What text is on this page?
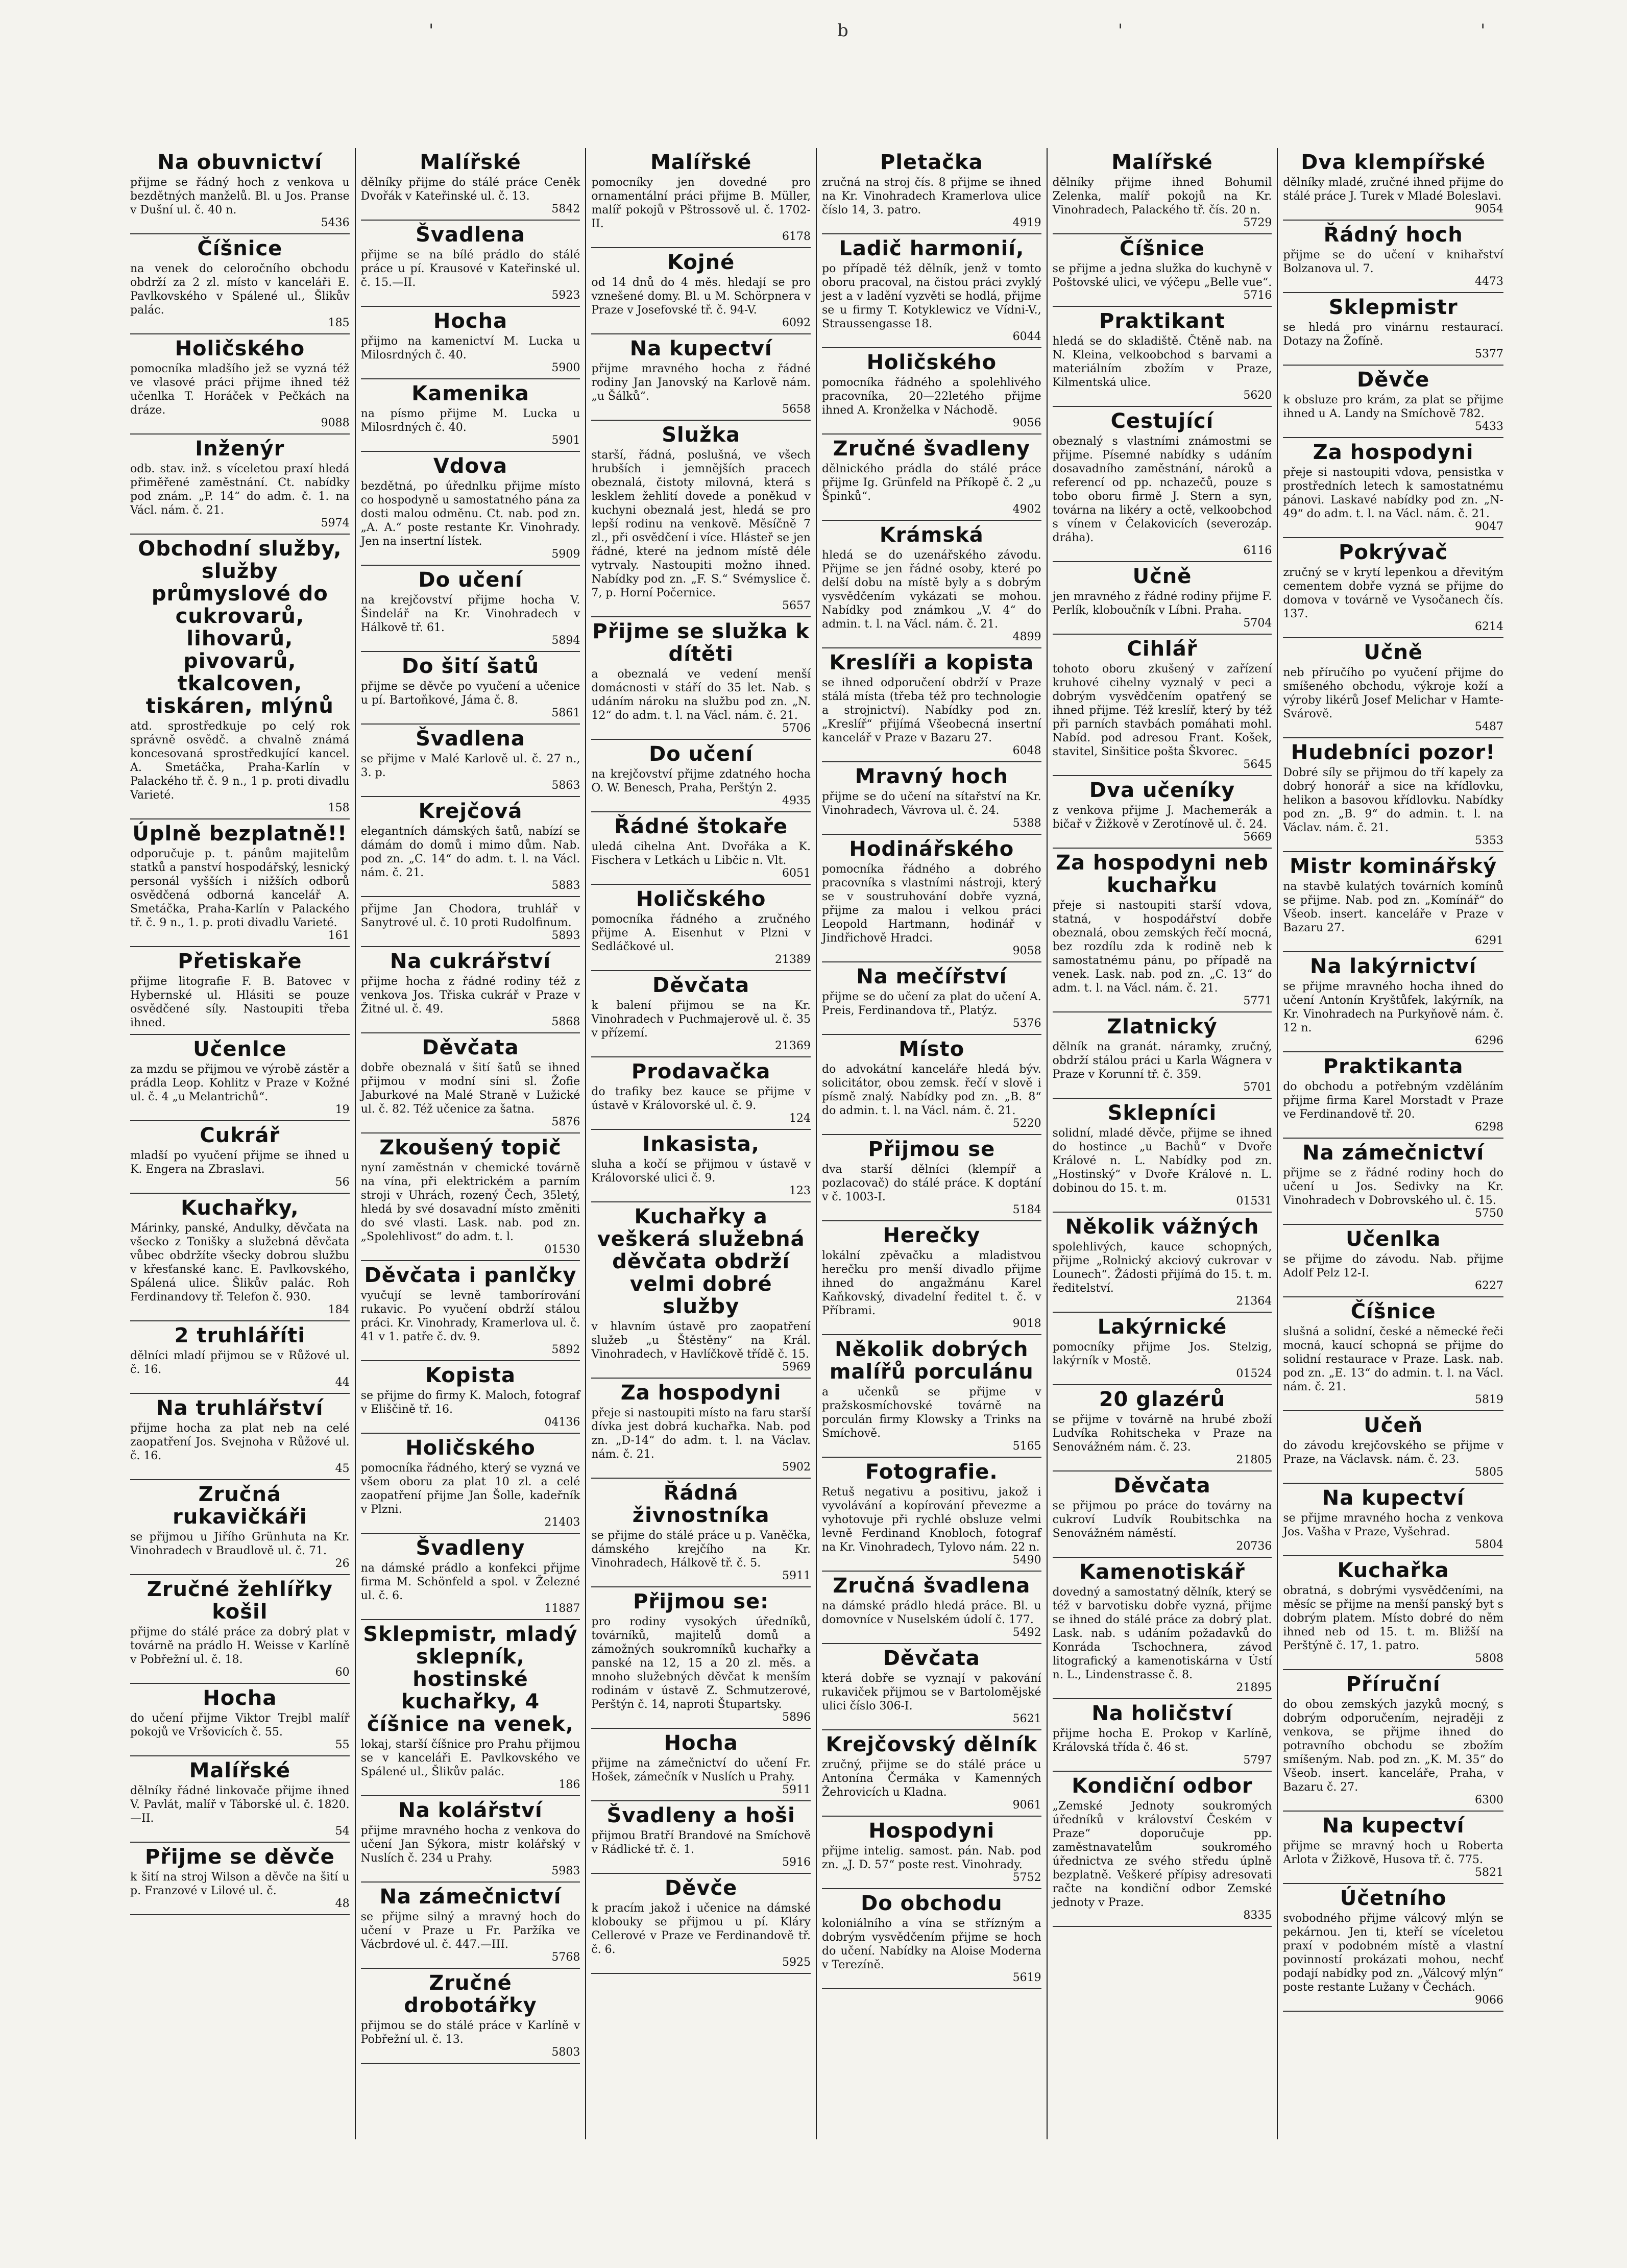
'	b	'	'
Na obuvnictví

přijme se řádný hoch z venkova u bezdětných manželů. Bl. u Jos. Pranse v Dušní ul. č. 40 n.

5436
Číšnice

na venek do celoročního obchodu obdrží za 2 zl. místo v kanceláři E. Pavlkovského v Spálené ul., Šlikův palác.

185
Holičského

pomocníka mladšího jež se vyzná též ve vlasové práci přijme ihned též učenlka T. Horáček v Pečkách na dráze.

9088
Inženýr

odb. stav. inž. s víceletou praxí hledá přiměřené zaměstnání. Ct. nabídky pod znám. „P. 14“ do adm. č. 1. na Václ. nám. č. 21.

5974
Obchodní služby, služby průmyslové do cukrovarů, lihovarů, pivovarů, tkalcoven, tiskáren, mlýnů

atd. sprostředkuje po celý rok správně osvědč. a chvalně známá koncesovaná sprostředkující kancel. A. Smetáčka, Praha-Karlín v Palackého tř. č. 9 n., 1 p. proti divadlu Varieté.

158
Úplně bezplatně!!

odporučuje p. t. pánům majitelům statků a panství hospodářský, lesnický personál vyšších i nižších odborů osvědčená odborná kancelář A. Smetáčka, Praha-Karlín v Palackého tř. č. 9 n., 1. p. proti divadlu Varieté.

161
Přetiskaře

přijme litografie F. B. Batovec v Hybernské ul. Hlásiti se pouze osvědčené síly. Nastoupiti třeba ihned.

Učenlce

za mzdu se přijmou ve výrobě zástěr a prádla Leop. Kohlitz v Praze v Kožné ul. č. 4 „u Melantrichů“.

19
Cukrář

mladší po vyučení přijme se ihned u K. Engera na Zbraslavi.

56
Kuchařky,

Márinky, panské, Andulky, děvčata na všecko z Tonišky a služebná děvčata vůbec obdržíte všecky dobrou službu v křesťanské kanc. E. Pavlkovského, Spálená ulice. Šlikův palác. Roh Ferdinandovy tř. Telefon č. 930.

184
2 truhláříti

dělníci mladí přijmou se v Růžové ul. č. 16.

44
Na truhlářství

přijme hocha za plat neb na celé zaopatření Jos. Svejnoha v Růžové ul. č. 16.

45
Zručná rukavičkáři

se přijmou u Jiřího Grünhuta na Kr. Vinohradech v Braudlově ul. č. 71.

26
Zručné žehlířky košil

přijme do stálé práce za dobrý plat v továrně na prádlo H. Weisse v Karlíně v Pobřežní ul. č. 18.

60
Hocha

do učení přijme Viktor Trejbl malíř pokojů ve Vršovicích č. 55.

55
Malířské

dělníky řádné linkovače přijme ihned V. Pavlát, malíř v Táborské ul. č. 1820.—II.

54
Přijme se děvče

k šití na stroj Wilson a děvče na šití u p. Franzové v Lilové ul. č.

48
Malířské

dělníky přijme do stálé práce Ceněk Dvořák v Kateřinské ul. č. 13.

5842
Švadlena

přijme se na bílé prádlo do stálé práce u pí. Krausové v Kateřinské ul. č. 15.—II.

5923
Hocha

přijmo na kamenictví M. Lucka u Milosrdných č. 40.

5900
Kamenika

na písmo přijme M. Lucka u Milosrdných č. 40.

5901
Vdova

bezdětná, po úřednlku přijme místo co hospodyně u samostatného pána za dosti malou odměnu. Ct. nab. pod zn. „A. A.“ poste restante Kr. Vinohrady. Jen na insertní lístek.

5909
Do učení

na krejčovství přijme hocha V. Šindelář na Kr. Vinohradech v Hálkově tř. 61.

5894
Do šití šatů

přijme se děvče po vyučení a učenice u pí. Bartoňkové, Jáma č. 8.

5861
Švadlena

se přijme v Malé Karlově ul. č. 27 n., 3. p.

5863
Krejčová

elegantních dámských šatů, nabízí se dámám do domů i mimo dům. Nab. pod zn. „C. 14“ do adm. t. l. na Václ. nám. č. 21.

5883

přijme Jan Chodora, truhlář v Sanytrové ul. č. 10 proti Rudolfinum.

5893
Na cukrářství

přijme hocha z řádné rodiny též z venkova Jos. Třiska cukrář v Praze v Žitné ul. č. 49.

5868
Děvčata

dobře obeznalá v šití šatů se ihned přijmou v modní síni sl. Žofie Jaburkové na Malé Straně v Lužické ul. č. 82. Též učenice za šatna.

5876
Zkoušený topič

nyní zaměstnán v chemické továrně na vína, při elektrickém a parním stroji v Uhrách, rozený Čech, 35letý, hledá by své dosavadní místo změniti do své vlasti. Lask. nab. pod zn. „Spolehlivost“ do adm. t. l.

01530
Děvčata i panlčky

vyučují se levně tamborírování rukavic. Po vyučení obdrží stálou práci. Kr. Vinohrady, Kramerlova ul. č. 41 v 1. patře č. dv. 9.

5892
Kopista

se přijme do firmy K. Maloch, fotograf v Eliščině tř. 16.

04136
Holičského

pomocníka řádného, který se vyzná ve všem oboru za plat 10 zl. a celé zaopatření přijme Jan Šolle, kadeřník v Plzni.

21403
Švadleny

na dámské prádlo a konfekci přijme firma M. Schönfeld a spol. v Železné ul. č. 6.

11887
Sklepmistr, mladý sklepník, hostinské kuchařky, 4 číšnice na venek,

lokaj, starší číšnice pro Prahu přijmou se v kanceláři E. Pavlkovského ve Spálené ul., Šlikův palác.

186
Na kolářství

přijme mravného hocha z venkova do učení Jan Sýkora, mistr kolářský v Nuslích č. 234 u Prahy.

5983
Na zámečnictví

se přijme silný a mravný hoch do učení v Praze u Fr. Paržíka ve Vácbrdové ul. č. 447.—III.

5768
Zručné drobotářky

přijmou se do stálé práce v Karlíně v Pobřežní ul. č. 13.

5803
Malířské

pomocníky jen dovedné pro ornamentální práci přijme B. Müller, malíř pokojů v Pštrossově ul. č. 1702-II.

6178
Kojné

od 14 dnů do 4 měs. hledají se pro vznešené domy. Bl. u M. Schörpnera v Praze v Josefovské tř. č. 94-V.

6092
Na kupectví

přijme mravného hocha z řádné rodiny Jan Janovský na Karlově nám. „u Šálků“.

5658
Služka

starší, řádná, poslušná, ve všech hrubších i jemnějších pracech obeznalá, čistoty milovná, která s lesklem žehlití dovede a poněkud v kuchyni obeznalá jest, hledá se pro lepší rodinu na venkově. Měsíčně 7 zl., při osvědčení i více. Hlásteř se jen řádné, které na jednom místě déle vytrvaly. Nastoupiti možno ihned. Nabídky pod zn. „F. S.“ Svémyslice č. 7, p. Horní Počernice.

5657
Přijme se služka k dítěti

a obeznalá ve vedení menší domácnosti v stáří do 35 let. Nab. s udáním nároku na službu pod zn. „N. 12“ do adm. t. l. na Václ. nám. č. 21.

5706
Do učení

na krejčovství přijme zdatného hocha O. W. Benesch, Praha, Perštýn 2.

4935
Řádné štokaře

uledá cihelna Ant. Dvořáka a K. Fischera v Letkách u Libčic n. Vlt.

6051
Holičského

pomocníka řádného a zručného přijme A. Eisenhut v Plzni v Sedláčkové ul.

21389
Děvčata

k balení přijmou se na Kr. Vinohradech v Puchmajerově ul. č. 35 v přízemí.

21369
Prodavačka

do trafiky bez kauce se přijme v ústavě v Královorské ul. č. 9.

124
Inkasista,

sluha a kočí se přijmou v ústavě v Královorské ulici č. 9.

123
Kuchařky a veškerá služebná děvčata obdrží velmi dobré služby

v hlavním ústavě pro zaopatření služeb „u Štěstěny“ na Král. Vinohradech, v Havlíčkově třídě č. 15.

5969
Za hospodyni

přeje si nastoupiti místo na faru starší dívka jest dobrá kuchařka. Nab. pod zn. „D-14“ do adm. t. l. na Václav. nám. č. 21.

5902
Řádná živnostníka

se přijme do stálé práce u p. Vaněčka, dámského krejčího na Kr. Vinohradech, Hálkově tř. č. 5.

5911
Přijmou se:

pro rodiny vysokých úředníků, továrníků, majitelů domů a zámožných soukromníků kuchařky a panské na 12, 15 a 20 zl. měs. a mnoho služebných děvčat k menším rodinám v ústavě Z. Schmutzerové, Perštýn č. 14, naproti Štupartsky.

5896
Hocha

přijme na zámečnictví do učení Fr. Hošek, zámečník v Nuslích u Prahy.

5911
Švadleny a hoši

přijmou Bratří Brandové na Smíchově v Rádlické tř. č. 1.

5916
Děvče

k pracím jakož i učenice na dámské klobouky se přijmou u pí. Kláry Cellerové v Praze ve Ferdinandově tř. č. 6.

5925
Pletačka

zručná na stroj čís. 8 přijme se ihned na Kr. Vinohradech Kramerlova ulice číslo 14, 3. patro.

4919
Ladič harmonií,

po případě též dělník, jenž v tomto oboru pracoval, na čistou práci zvyklý jest a v ladění vyzvěti se hodlá, přijme se u firmy T. Kotyklewicz ve Vídni-V., Straussengasse 18.

6044
Holičského

pomocníka řádného a spolehlivého pracovníka, 20—22letého přijme ihned A. Kronželka v Náchodě.

9056
Zručné švadleny

dělnického prádla do stálé práce přijme Ig. Grünfeld na Příkopě č. 2 „u Špinků“.

4902
Krámská

hledá se do uzenářského závodu. Přijme se jen řádné osoby, které po delší dobu na místě byly a s dobrým vysvědčením vykázati se mohou. Nabídky pod známkou „V. 4“ do admin. t. l. na Václ. nám. č. 21.

4899
Kreslíři a kopista

se ihned odporučení obdrží v Praze stálá místa (třeba též pro technologie a strojnictví). Nabídky pod zn. „Kreslíř“ přijímá Všeobecná insertní kancelář v Praze v Bazaru 27.

6048
Mravný hoch

přijme se do učení na sítařství na Kr. Vinohradech, Vávrova ul. č. 24.

5388
Hodinářského

pomocníka řádného a dobrého pracovníka s vlastními nástroji, který se v soustruhování dobře vyzná, přijme za malou i velkou práci Leopold Hartmann, hodinář v Jindřichově Hradci.

9058
Na mečířství

přijme se do učení za plat do učení A. Preis, Ferdinandova tř., Platýz.

5376
Místo

do advokátní kanceláře hledá býv. solicitátor, obou zemsk. řečí v slově i písmě znalý. Nabídky pod zn. „B. 8“ do admin. t. l. na Václ. nám. č. 21.

5220
Přijmou se

dva starší dělníci (klempíř a pozlacovač) do stálé práce. K doptání v č. 1003-I.

5184
Herečky

lokální zpěvačku a mladistvou herečku pro menší divadlo přijme ihned do angažmánu Karel Kaňkovský, divadelní ředitel t. č. v Příbrami.

9018
Několik dobrých malířů porculánu

a učenků se přijme v pražskosmíchovské továrně na porculán firmy Klowsky a Trinks na Smíchově.

5165
Fotografie.

Retuš negativu a positivu, jakož i vyvolávání a kopírování převezme a vyhotovuje při rychlé obsluze velmi levně Ferdinand Knobloch, fotograf na Kr. Vinohradech, Tylovo nám. 22 n.

5490
Zručná švadlena

na dámské prádlo hledá práce. Bl. u domovníce v Nuselském údolí č. 177.

5492
Děvčata

která dobře se vyznají v pakování rukaviček přijmou se v Bartolomějské ulici číslo 306-I.

5621
Krejčovský dělník

zručný, přijme se do stálé práce u Antonína Čermáka v Kamenných Žehrovicích u Kladna.

9061
Hospodyni

přijme intelig. samost. pán. Nab. pod zn. „J. D. 57“ poste rest. Vinohrady.

5752
Do obchodu

koloniálního a vína se střízným a dobrým vysvědčením přijme se hoch do učení. Nabídky na Aloise Moderna v Terezíně.

5619
Malířské

dělníky přijme ihned Bohumil Zelenka, malíř pokojů na Kr. Vinohradech, Palackého tř. čís. 20 n.

5729
Číšnice

se přijme a jedna služka do kuchyně v Poštovské ulici, ve výčepu „Belle vue“.

5716
Praktikant

hledá se do skladiště. Čtěně nab. na N. Kleina, velkoobchod s barvami a materiálním zbožím v Praze, Kilmentská ulice.

5620
Cestující

obeznalý s vlastními známostmi se přijme. Písemné nabídky s udáním dosavadního zaměstnání, nároků a referencí od pp. nchazečů, pouze s tobo oboru firmě J. Stern a syn, továrna na likéry a octě, velkoobchod s vínem v Čelakovicích (severozáp. dráha).

6116
Učně

jen mravného z řádné rodiny přijme F. Perlík, kloboučník v Líbni. Praha.

5704
Cihlář

tohoto oboru zkušený v zařízení kruhové cihelny vyznalý v peci a dobrým vysvědčením opatřený se ihned přijme. Též kreslíř, který by též při parních stavbách pomáhati mohl. Nabíd. pod adresou Frant. Košek, stavitel, Sinšitice pošta Škvorec.

5645
Dva učeníky

z venkova přijme J. Machemerák a bičař v Žižkově v Zerotínově ul. č. 24.

5669
Za hospodyni neb kuchařku

přeje si nastoupiti starší vdova, statná, v hospodářství dobře obeznalá, obou zemských řečí mocná, bez rozdílu zda k rodině neb k samostatnému pánu, po případě na venek. Lask. nab. pod zn. „C. 13“ do adm. t. l. na Václ. nám. č. 21.

5771
Zlatnický

dělník na granát. náramky, zručný, obdrží stálou práci u Karla Wágnera v Praze v Korunní tř. č. 359.

5701
Sklepníci

solidní, mladé děvče, přijme se ihned do hostince „u Bachů“ v Dvoře Králové n. L. Nabídky pod zn. „Hostinský“ v Dvoře Králové n. L. dobinou do 15. t. m.

01531
Několik vážných

spolehlivých, kauce schopných, přijme „Rolnický akciový cukrovar v Lounech“. Žádosti přijímá do 15. t. m. ředitelství.

21364
Lakýrnické

pomocníky přijme Jos. Stelzig, lakýrník v Mostě.

01524
20 glazérů

se přijme v továrně na hrubé zboží Ludvíka Rohitscheka v Praze na Senovážném nám. č. 23.

21805
Děvčata

se přijmou po práce do továrny na cukroví Ludvík Roubitschka na Senovážném náměstí.

20736
Kamenotiskář

dovedný a samostatný dělník, který se též v barvotisku dobře vyzná, přijme se ihned do stálé práce za dobrý plat. Lask. nab. s udáním požadavků do Konráda Tschochnera, závod litografický a kamenotiskárna v Ústí n. L., Lindenstrasse č. 8.

21895
Na holičství

přijme hocha E. Prokop v Karlíně, Královská třída č. 46 st.

5797
Kondiční odbor

„Zemské Jednoty soukromých úředníků v království Českém v Praze“ doporučuje pp. zaměstnavatelům soukromého úřednictva ze svého středu úplně bezplatně. Veškeré přípisy adresovati račte na kondiční odbor Zemské jednoty v Praze.

8335
Dva klempířské

dělníky mladé, zručné ihned přijme do stálé práce J. Turek v Mladé Boleslavi.

9054
Řádný hoch

přijme se do učení v knihařství Bolzanova ul. 7.

4473
Sklepmistr

se hledá pro vinárnu restaurací. Dotazy na Žofíně.

5377
Děvče

k obsluze pro krám, za plat se přijme ihned u A. Landy na Smíchově 782.

5433
Za hospodyni

přeje si nastoupiti vdova, pensistka v prostředních letech k samostatnému pánovi. Laskavé nabídky pod zn. „N-49“ do adm. t. l. na Václ. nám. č. 21.

9047
Pokrývač

zručný se v krytí lepenkou a dřevitým cementem dobře vyzná se přijme do domova v továrně ve Vysočanech čís. 137.

6214
Učně

neb příručího po vyučení přijme do smíšeného obchodu, výkroje koží a výroby likérů Josef Melichar v Hamte-Svárově.

5487
Hudebníci pozor!

Dobré síly se přijmou do tří kapely za dobrý honorář a sice na křídlovku, helikon a basovou křídlovku. Nabídky pod zn. „B. 9“ do admin. t. l. na Václav. nám. č. 21.

5353
Mistr kominářský

na stavbě kulatých továrních komínů se přijme. Nab. pod zn. „Komínář“ do Všeob. insert. kanceláře v Praze v Bazaru 27.

6291
Na lakýrnictví

se přijme mravného hocha ihned do učení Antonín Kryštůfek, lakýrník, na Kr. Vinohradech na Purkyňově nám. č. 12 n.

6296
Praktikanta

do obchodu a potřebným vzděláním přijme firma Karel Morstadt v Praze ve Ferdinandově tř. 20.

6298
Na zámečnictví

přijme se z řádné rodiny hoch do učení u Jos. Sedivky na Kr. Vinohradech v Dobrovského ul. č. 15.

5750
Učenlka

se přijme do závodu. Nab. přijme Adolf Pelz 12-I.

6227
Číšnice

slušná a solidní, české a německé řeči mocná, kaucí schopná se přijme do solidní restaurace v Praze. Lask. nab. pod zn. „E. 13“ do admin. t. l. na Václ. nám. č. 21.

5819
Učeň

do závodu krejčovského se přijme v Praze, na Václavsk. nám. č. 23.

5805
Na kupectví

se přijme mravného hocha z venkova Jos. Vašha v Praze, Vyšehrad.

5804
Kuchařka

obratná, s dobrými vysvědčeními, na měsíc se přijme na menší panský byt s dobrým platem. Místo dobré do něm ihned neb od 15. t. m. Bližší na Perštýně č. 17, 1. patro.

5808
Příruční

do obou zemských jazyků mocný, s dobrým odporučením, nejraději z venkova, se přijme ihned do potravního obchodu se zbožím smíšeným. Nab. pod zn. „K. M. 35“ do Všeob. insert. kanceláře, Praha, v Bazaru č. 27.

6300
Na kupectví

přijme se mravný hoch u Roberta Arlota v Žižkově, Husova tř. č. 775.

5821
Účetního

svobodného přijme válcový mlýn se pekárnou. Jen ti, kteří se víceletou praxí v podobném místě a vlastní povinností prokázati mohou, nechť podají nabídky pod zn. „Válcový mlýn“ poste restante Lužany v Čechách.

9066
